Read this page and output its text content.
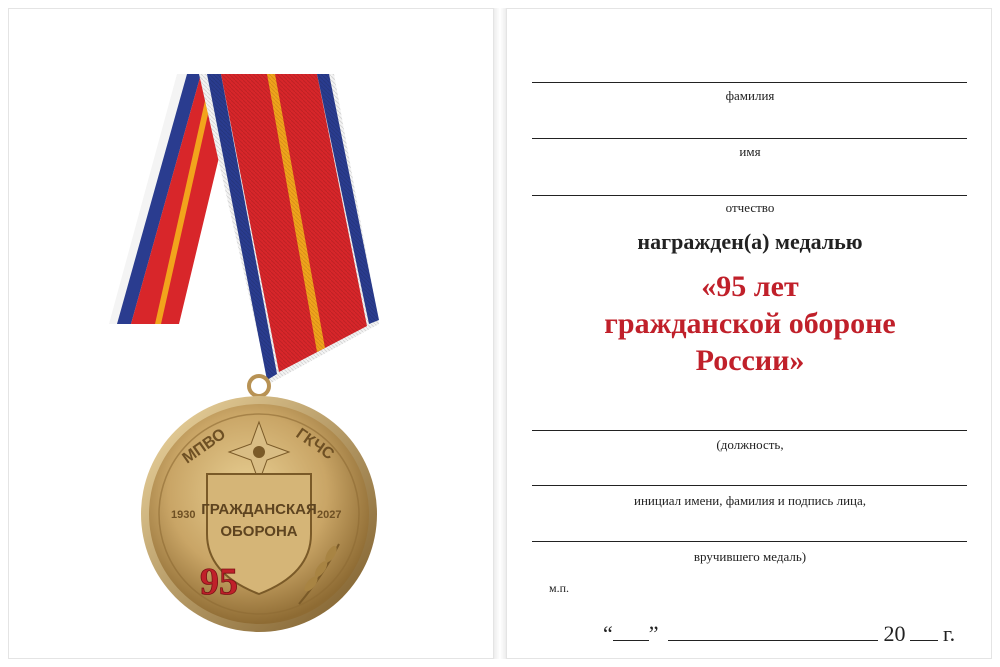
МПВО	ГКЧС
1930	2027
ГРАЖДАНСКАЯ
ОБОРОНА
95
фамилия
имя
отчество
награжден(а) медалью
«95 лет
гражданской обороне
России»
(должность,
инициал имени, фамилия и подпись лица,
вручившего медаль)
м.п.
“ ”	20 г.
